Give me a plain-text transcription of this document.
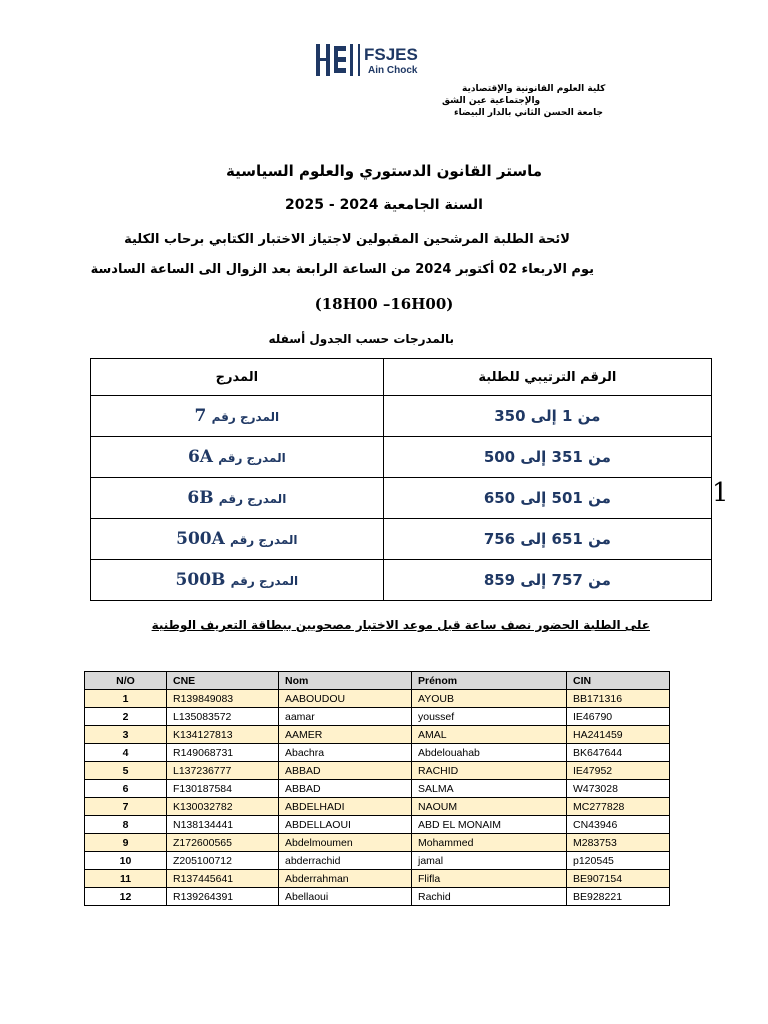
FSJES
Ain Chock
كلية العلوم القانونية والإقتصادية
والإجتماعية عين الشق
جامعة الحسن الثاني بالدار البيضاء
ماستر القانون الدستوري والعلوم السياسية
السنة الجامعية 2024 - 2025
لائحة الطلبة المرشحين المقبولين لاجتياز الاختبار الكتابي برحاب الكلية
يوم الاربعاء 02 أكتوبر 2024 من الساعة الرابعة بعد الزوال الى الساعة السادسة
(18H00 –16H00)
بالمدرجات حسب الجدول أسفله
الرقم الترتيبي للطلبة	المدرج
من 1 إلى 350	المدرج رقم 7
من 351 إلى 500	المدرج رقم 6A
من 501 إلى 650	المدرج رقم 6B
من 651 إلى 756	المدرج رقم 500A
من 757 إلى 859	المدرج رقم 500B
1
على الطلبة الحضور نصف ساعة قبل موعد الاختبار مصحوبين ببطاقة التعريف الوطنية
N/O	CNE	Nom	Prénom	CIN
1	R139849083	AABOUDOU	AYOUB	BB171316
2	L135083572	aamar	youssef	IE46790
3	K134127813	AAMER	AMAL	HA241459
4	R149068731	Abachra	Abdelouahab	BK647644
5	L137236777	ABBAD	RACHID	IE47952
6	F130187584	ABBAD	SALMA	W473028
7	K130032782	ABDELHADI	NAOUM	MC277828
8	N138134441	ABDELLAOUI	ABD EL MONAIM	CN43946
9	Z172600565	Abdelmoumen	Mohammed	M283753
10	Z205100712	abderrachid	jamal	p120545
11	R137445641	Abderrahman	Flifla	BE907154
12	R139264391	Abellaoui	Rachid	BE928221
